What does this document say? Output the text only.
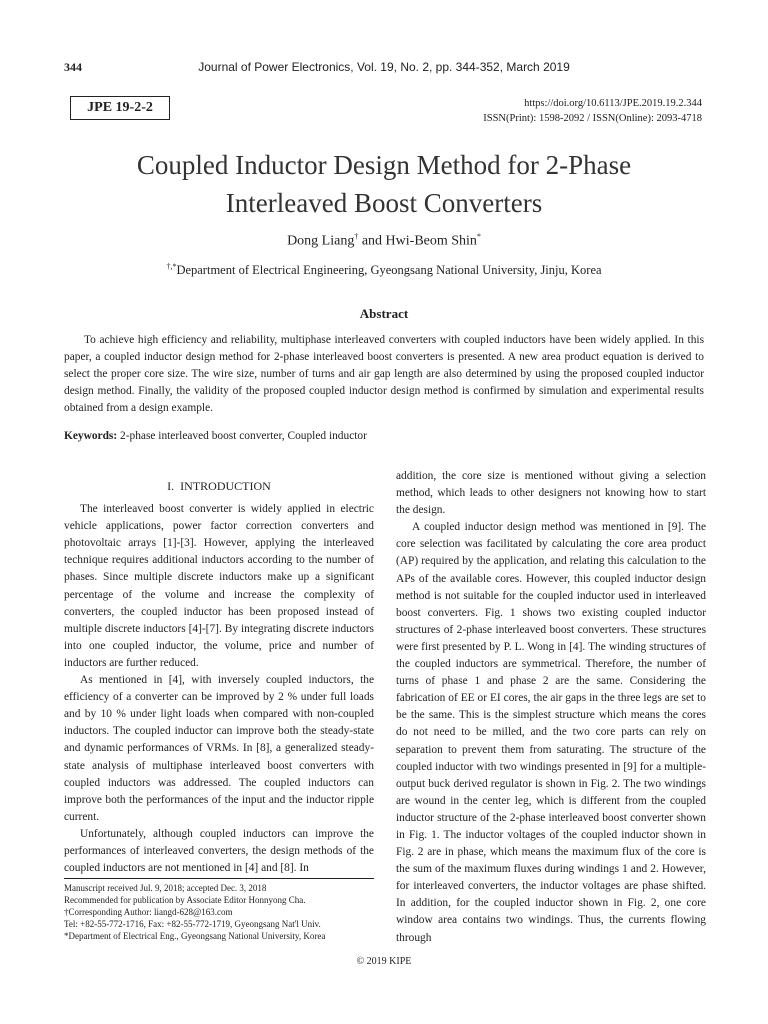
344	Journal of Power Electronics, Vol. 19, No. 2, pp. 344-352, March 2019
JPE 19-2-2	https://doi.org/10.6113/JPE.2019.19.2.344
ISSN(Print): 1598-2092 / ISSN(Online): 2093-4718
Coupled Inductor Design Method for 2-Phase
Interleaved Boost Converters
Dong Liang† and Hwi-Beom Shin*
†,*Department of Electrical Engineering, Gyeongsang National University, Jinju, Korea
Abstract
To achieve high efficiency and reliability, multiphase interleaved converters with coupled inductors have been widely applied. In this paper, a coupled inductor design method for 2-phase interleaved boost converters is presented. A new area product equation is derived to select the proper core size. The wire size, number of turns and air gap length are also determined by using the proposed coupled inductor design method. Finally, the validity of the proposed coupled inductor design method is confirmed by simulation and experimental results obtained from a design example.
Keywords: 2-phase interleaved boost converter, Coupled inductor

I.  INTRODUCTION

The interleaved boost converter is widely applied in electric vehicle applications, power factor correction converters and photovoltaic arrays [1]-[3]. However, applying the interleaved technique requires additional inductors according to the number of phases. Since multiple discrete inductors make up a significant percentage of the volume and increase the complexity of converters, the coupled inductor has been proposed instead of multiple discrete inductors [4]-[7]. By integrating discrete inductors into one coupled inductor, the volume, price and number of inductors are further reduced.

As mentioned in [4], with inversely coupled inductors, the efficiency of a converter can be improved by 2 % under full loads and by 10 % under light loads when compared with non-coupled inductors. The coupled inductor can improve both the steady-state and dynamic performances of VRMs. In [8], a generalized steady-state analysis of multiphase interleaved boost converters with coupled inductors was addressed. The coupled inductors can improve both the performances of the input and the inductor ripple current.

Unfortunately, although coupled inductors can improve the performances of interleaved converters, the design methods of the coupled inductors are not mentioned in [4] and [8]. In

addition, the core size is mentioned without giving a selection method, which leads to other designers not knowing how to start the design.

A coupled inductor design method was mentioned in [9]. The core selection was facilitated by calculating the core area product (AP) required by the application, and relating this calculation to the APs of the available cores. However, this coupled inductor design method is not suitable for the coupled inductor used in interleaved boost converters. Fig. 1 shows two existing coupled inductor structures of 2-phase interleaved boost converters. These structures were first presented by P. L. Wong in [4]. The winding structures of the coupled inductors are symmetrical. Therefore, the number of turns of phase 1 and phase 2 are the same. Considering the fabrication of EE or EI cores, the air gaps in the three legs are set to be the same. This is the simplest structure which means the cores do not need to be milled, and the two core parts can rely on separation to prevent them from saturating. The structure of the coupled inductor with two windings presented in [9] for a multiple-output buck derived regulator is shown in Fig. 2. The two windings are wound in the center leg, which is different from the coupled inductor structure of the 2-phase interleaved boost converter shown in Fig. 1. The inductor voltages of the coupled inductor shown in Fig. 2 are in phase, which means the maximum flux of the core is the sum of the maximum fluxes during windings 1 and 2. However, for interleaved converters, the inductor voltages are phase shifted. In addition, for the coupled inductor shown in Fig. 2, one core window area contains two windings. Thus, the currents flowing through

Manuscript received Jul. 9, 2018; accepted Dec. 3, 2018
Recommended for publication by Associate Editor Honnyong Cha.
†Corresponding Author: liangd-628@163.com
Tel: +82-55-772-1716, Fax: +82-55-772-1719, Gyeongsang Nat'l Univ.
*Department of Electrical Eng., Gyeongsang National University, Korea
© 2019 KIPE
